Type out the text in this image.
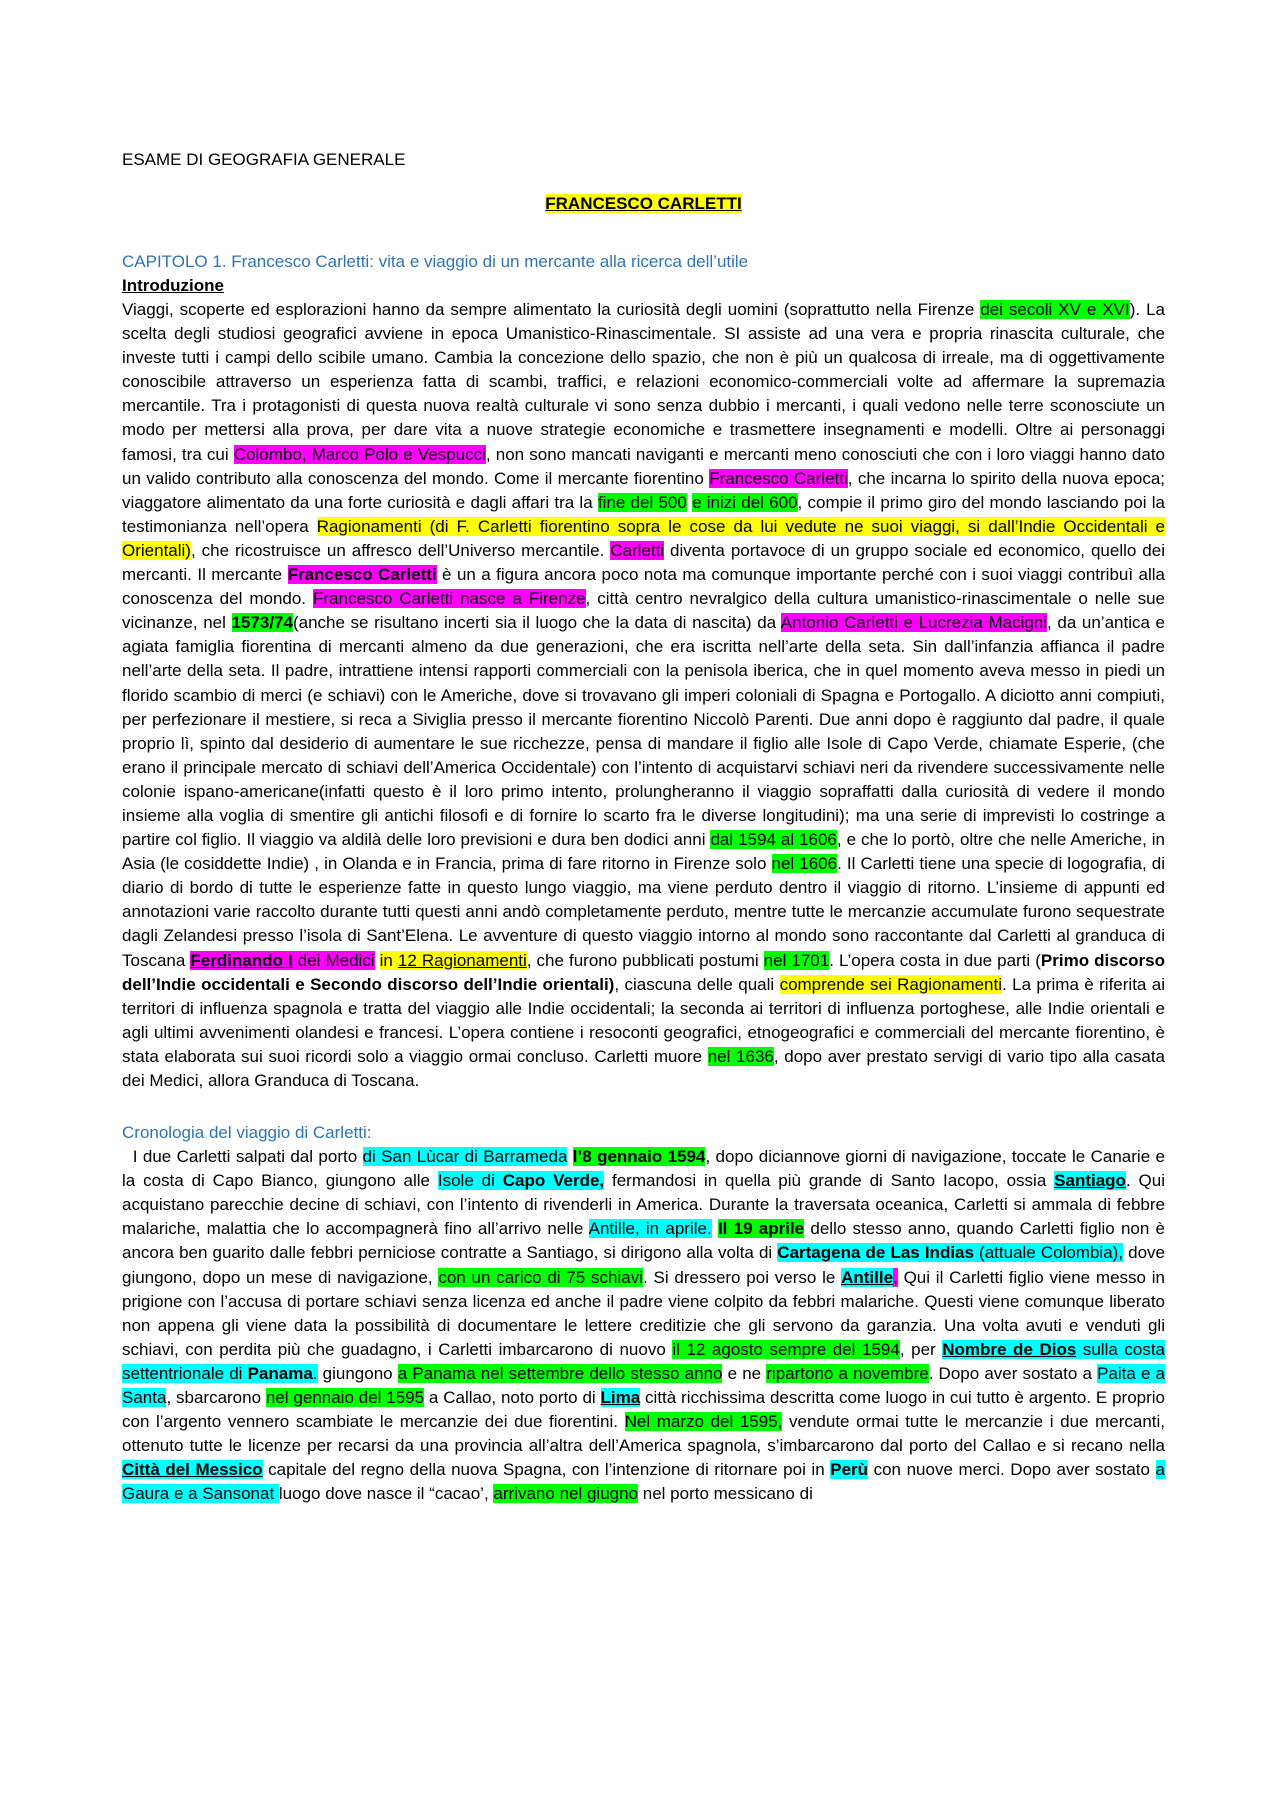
ESAME DI GEOGRAFIA GENERALE
FRANCESCO CARLETTI
CAPITOLO 1. Francesco Carletti: vita e viaggio di un mercante alla ricerca dell’utile
Introduzione

Viaggi, scoperte ed esplorazioni hanno da sempre alimentato la curiosità degli uomini (soprattutto nella Firenze dei secoli XV e XVI). La scelta degli studiosi geografici avviene in epoca Umanistico-Rinascimentale. SI assiste ad una vera e propria rinascita culturale, che investe tutti i campi dello scibile umano. Cambia la concezione dello spazio, che non è più un qualcosa di irreale, ma di oggettivamente conoscibile attraverso un esperienza fatta di scambi, traffici, e relazioni economico-commerciali volte ad affermare la supremazia mercantile. Tra i protagonisti di questa nuova realtà culturale vi sono senza dubbio i mercanti, i quali vedono nelle terre sconosciute un modo per mettersi alla prova, per dare vita a nuove strategie economiche e trasmettere insegnamenti e modelli. Oltre ai personaggi famosi, tra cui Colombo, Marco Polo e Vespucci, non sono mancati naviganti e mercanti meno conosciuti che con i loro viaggi hanno dato un valido contributo alla conoscenza del mondo. Come il mercante fiorentino Francesco Carletti, che incarna lo spirito della nuova epoca; viaggatore alimentato da una forte curiosità e dagli affari tra la fine del 500 e inizi del 600, compie il primo giro del mondo lasciando poi la testimonianza nell’opera Ragionamenti (di F. Carletti fiorentino sopra le cose da lui vedute ne suoi viaggi, si dall’Indie Occidentali e Orientali), che ricostruisce un affresco dell’Universo mercantile. Carletti diventa portavoce di un gruppo sociale ed economico, quello dei mercanti. Il mercante Francesco Carletti è un a figura ancora poco nota ma comunque importante perché con i suoi viaggi contribuì alla conoscenza del mondo. Francesco Carletti nasce a Firenze, città centro nevralgico della cultura umanistico-rinascimentale o nelle sue vicinanze, nel 1573/74(anche se risultano incerti sia il luogo che la data di nascita) da Antonio Carletti e Lucrezia Macigni, da un’antica e agiata famiglia fiorentina di mercanti almeno da due generazioni, che era iscritta nell’arte della seta. Sin dall’infanzia affianca il padre nell’arte della seta. Il padre, intrattiene intensi rapporti commerciali con la penisola iberica, che in quel momento aveva messo in piedi un florido scambio di merci (e schiavi) con le Americhe, dove si trovavano gli imperi coloniali di Spagna e Portogallo. A diciotto anni compiuti, per perfezionare il mestiere, si reca a Siviglia presso il mercante fiorentino Niccolò Parenti. Due anni dopo è raggiunto dal padre, il quale proprio lì, spinto dal desiderio di aumentare le sue ricchezze, pensa di mandare il figlio alle Isole di Capo Verde, chiamate Esperie, (che erano il principale mercato di schiavi dell’America Occidentale) con l’intento di acquistarvi schiavi neri da rivendere successivamente nelle colonie ispano-americane(infatti questo è il loro primo intento, prolungheranno il viaggio sopraffatti dalla curiosità di vedere il mondo insieme alla voglia di smentire gli antichi filosofi e di fornire lo scarto fra le diverse longitudini); ma una serie di imprevisti lo costringe a partire col figlio. Il viaggio va aldilà delle loro previsioni e dura ben dodici anni dal 1594 al 1606, e che lo portò, oltre che nelle Americhe, in Asia (le cosiddette Indie) , in Olanda e in Francia, prima di fare ritorno in Firenze solo nel 1606. Il Carletti tiene una specie di logografia, di diario di bordo di tutte le esperienze fatte in questo lungo viaggio, ma viene perduto dentro il viaggio di ritorno. L’insieme di appunti ed annotazioni varie raccolto durante tutti questi anni andò completamente perduto, mentre tutte le mercanzie accumulate furono sequestrate dagli Zelandesi presso l’isola di Sant’Elena. Le avventure di questo viaggio intorno al mondo sono raccontante dal Carletti al granduca di Toscana Ferdinando I dei Medici in 12 Ragionamenti, che furono pubblicati postumi nel 1701. L’opera costa in due parti (Primo discorso dell’Indie occidentali e Secondo discorso dell’Indie orientali), ciascuna delle quali comprende sei Ragionamenti. La prima è riferita ai territori di influenza spagnola e tratta del viaggio alle Indie occidentali; la seconda ai territori di influenza portoghese, alle Indie orientali e agli ultimi avvenimenti olandesi e francesi. L’opera contiene i resoconti geografici, etnogeografici e commerciali del mercante fiorentino, è stata elaborata sui suoi ricordi solo a viaggio ormai concluso. Carletti muore nel 1636, dopo aver prestato servigi di vario tipo alla casata dei Medici, allora Granduca di Toscana.

Cronologia del viaggio di Carletti:

I due Carletti salpati dal porto di San Lùcar di Barrameda l’8 gennaio 1594, dopo diciannove giorni di navigazione, toccate le Canarie e la costa di Capo Bianco, giungono alle Isole di Capo Verde, fermandosi in quella più grande di Santo Iacopo, ossia Santiago. Qui acquistano parecchie decine di schiavi, con l’intento di rivenderli in America. Durante la traversata oceanica, Carletti si ammala di febbre malariche, malattia che lo accompagnerà fino all’arrivo nelle Antille, in aprile. Il 19 aprile dello stesso anno, quando Carletti figlio non è ancora ben guarito dalle febbri perniciose contratte a Santiago, si dirigono alla volta di Cartagena de Las Indias (attuale Colombia), dove giungono, dopo un mese di navigazione, con un carico di 75 schiavi. Si dressero poi verso le Antille, Qui il Carletti figlio viene messo in prigione con l’accusa di portare schiavi senza licenza ed anche il padre viene colpito da febbri malariche. Questi viene comunque liberato non appena gli viene data la possibilità di documentare le lettere creditizie che gli servono da garanzia. Una volta avuti e venduti gli schiavi, con perdita più che guadagno, i Carletti imbarcarono di nuovo il 12 agosto sempre del 1594, per Nombre de Dios sulla costa settentrionale di Panama. giungono a Panama nel settembre dello stesso anno e ne ripartono a novembre. Dopo aver sostato a Paita e a Santa, sbarcarono nel gennaio del 1595 a Callao, noto porto di Lima città ricchissima descritta come luogo in cui tutto è argento. E proprio con l’argento vennero scambiate le mercanzie dei due fiorentini. Nel marzo del 1595, vendute ormai tutte le mercanzie i due mercanti, ottenuto tutte le licenze per recarsi da una provincia all’altra dell’America spagnola, s’imbarcarono dal porto del Callao e si recano nella Città del Messico capitale del regno della nuova Spagna, con l’intenzione di ritornare poi in Perù con nuove merci. Dopo aver sostato a Gaura e a Sansonat luogo dove nasce il “cacao’, arrivano nel giugno nel porto messicano di
